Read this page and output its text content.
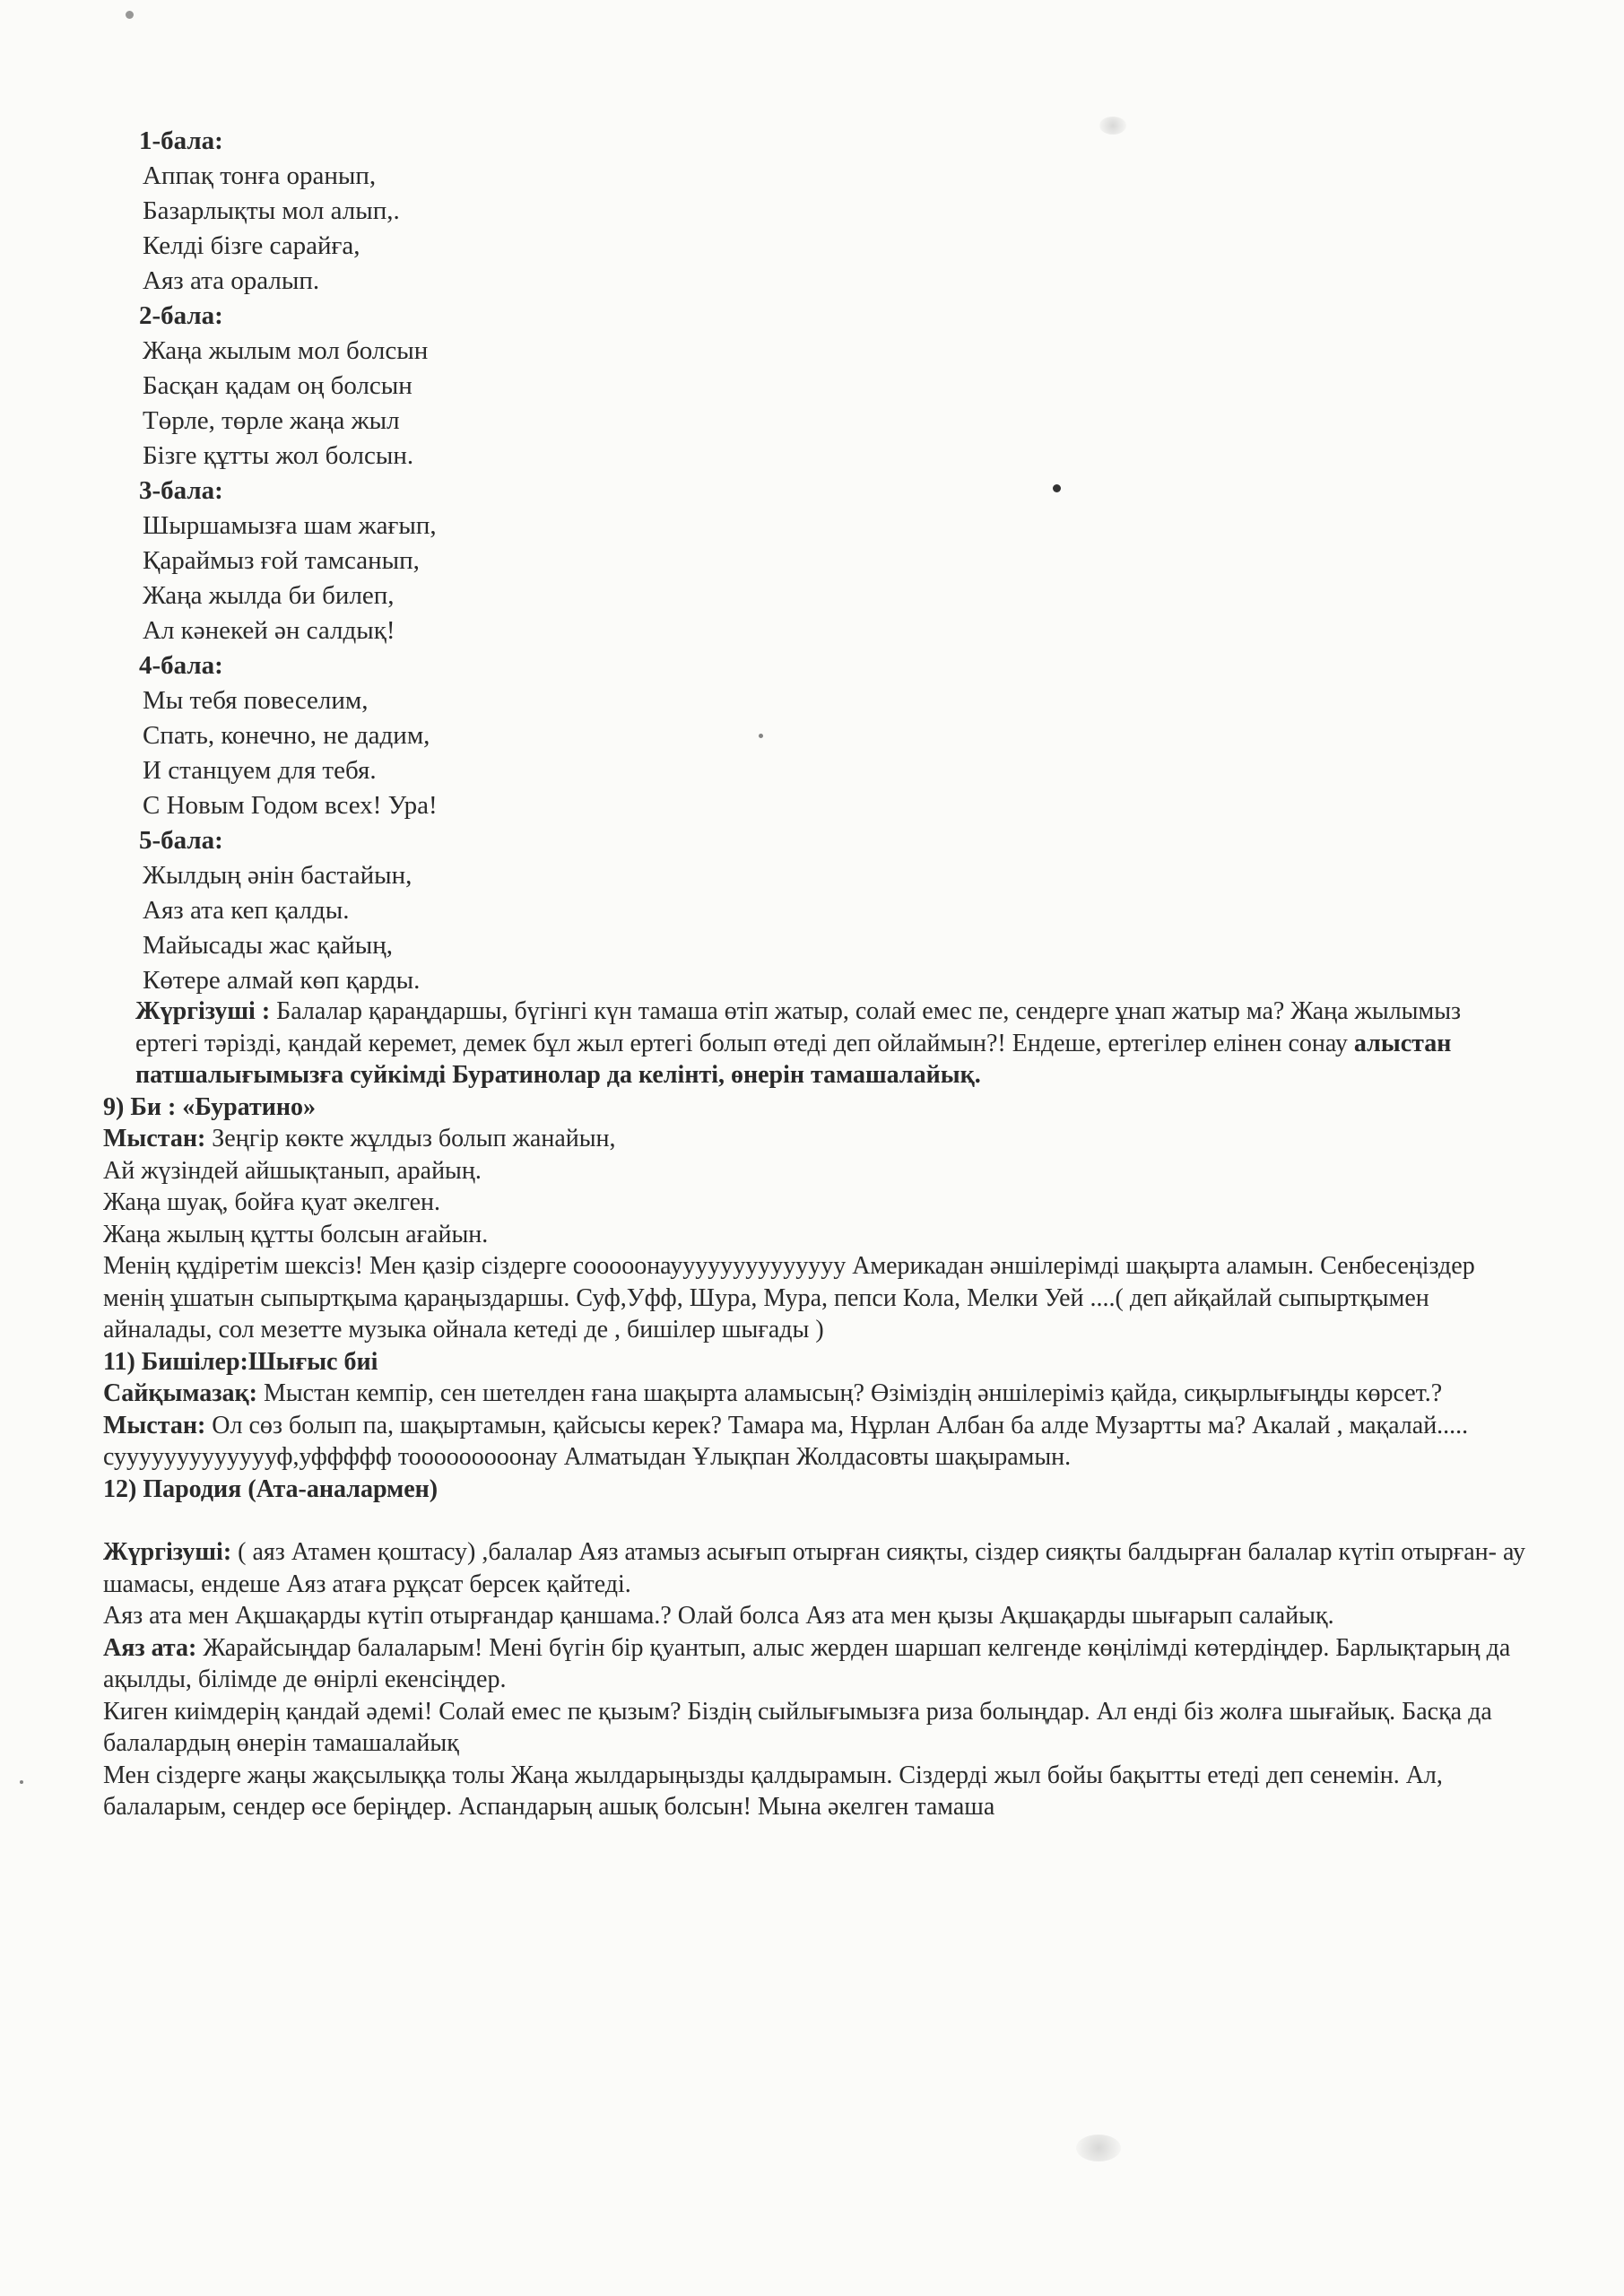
1-бала:
Аппақ тонға оранып,
Базарлықты мол алып,.
Келді бізге сарайға,
Аяз ата оралып.
2-бала:
Жаңа жылым мол болсын
Басқан қадам оң болсын
Төрле, төрле жаңа жыл
Бізге құтты жол болсын.
3-бала:
Шыршамызға шам жағып,
Қараймыз ғой тамсанып,
Жаңа жылда би билеп,
Ал кәнекей ән салдық!
4-бала:
Мы тебя повеселим,
Спать, конечно, не дадим,
И станцуем для тебя.
С Новым Годом всех! Ура!
5-бала:
Жылдың әнін бастайын,
Аяз ата кеп қалды.
Майысады жас қайың,
Көтере алмай көп қарды.

Жүргізуші : Балалар қараңдаршы, бүгінгі күн тамаша өтіп жатыр, солай емес пе, сендерге ұнап жатыр ма? Жаңа жылымыз ертегі тәрізді, қандай керемет, демек бұл жыл ертегі болып өтеді деп ойлаймын?! Ендеше, ертегілер елінен сонау алыстан патшалығымызға суйкімді Буратинолар да келінті, өнерін тамашалайық.

9) Би : «Буратино»

Мыстан: Зеңгір көкте жұлдыз болып жанайын,

Ай жүзіндей айшықтанып, арайың.

Жаңа шуақ, бойға қуат әкелген.

Жаңа жылың құтты болсын ағайын.

Менің құдіретім шексіз! Мен қазір сіздерге сооооонауууууууууууууу Америкадан әншілерімді шақырта аламын. Сенбесеңіздер менің ұшатын сыпыртқыма қараңыздаршы. Суф,Уфф, Шура, Мура, пепси Кола, Мелки Уей ....( деп айқайлай сыпыртқымен айналады, сол мезетте музыка ойнала кетеді де , бишілер шығады )

11) Бишілер:Шығыс биі

Сайқымазақ: Мыстан кемпір, сен шетелден ғана шақырта аламысың? Өзіміздің әншілеріміз қайда, сиқырлығыңды көрсет.?

Мыстан: Ол сөз болып па, шақыртамын, қайсысы керек? Тамара ма, Нұрлан Албан ба алде Музартты ма? Акалай , мақалай..... суууууууууууууф,уффффф тооооооооонау Алматыдан Ұлықпан Жолдасовты шақырамын.

12) Пародия (Ата-аналармен)

Жүргізуші: ( аяз Атамен қоштасу) ,балалар Аяз атамыз асығып отырған сияқты, сіздер сияқты балдырған балалар күтіп отырған- ау шамасы, ендеше Аяз атаға рұқсат берсек қайтеді.

Аяз ата мен Ақшақарды күтіп отырғандар қаншама.? Олай болса Аяз ата мен қызы Ақшақарды шығарып салайық.

Аяз ата: Жарайсыңдар балаларым! Мені бүгін бір қуантып, алыс жерден шаршап келгенде көңілімді көтердіңдер. Барлықтарың да ақылды, білімде де өнірлі екенсіңдер.

Киген киімдерің қандай әдемі! Солай емес пе қызым? Біздің сыйлығымызға риза болыңдар. Ал енді біз жолға шығайық. Басқа да балалардың өнерін тамашалайық

Мен сіздерге жаңы жақсылыққа толы Жаңа жылдарыңызды қалдырамын. Сіздерді жыл бойы бақытты етеді деп сенемін. Ал, балаларым, сендер өсе беріңдер. Аспандарың ашық болсын! Мына әкелген тамаша
